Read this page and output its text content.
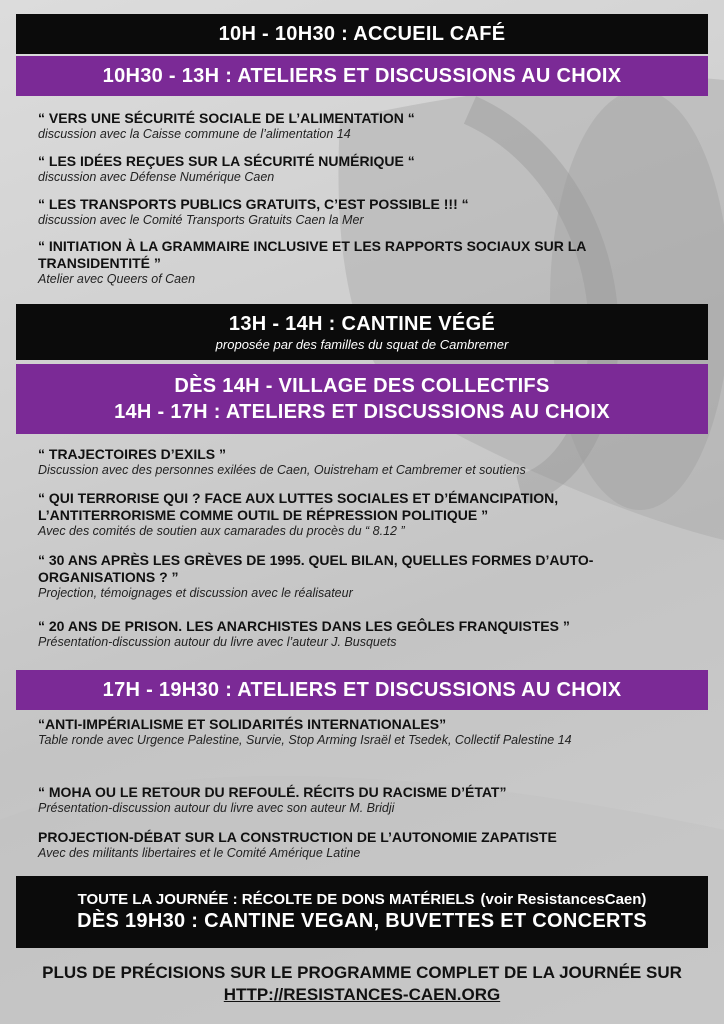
10H - 10H30 : ACCUEIL CAFÉ
10H30 - 13H : ATELIERS ET DISCUSSIONS AU CHOIX
“ VERS UNE SÉCURITÉ SOCIALE DE L’ALIMENTATION “
discussion avec la Caisse commune de l’alimentation 14
“ LES IDÉES REÇUES SUR LA SÉCURITÉ NUMÉRIQUE “
discussion avec Défense Numérique Caen
“ LES TRANSPORTS PUBLICS GRATUITS, C’EST POSSIBLE !!! “
discussion avec le Comité Transports Gratuits Caen la Mer
“ INITIATION À LA GRAMMAIRE INCLUSIVE ET LES RAPPORTS SOCIAUX SUR LA TRANSIDENTITÉ ”
Atelier avec Queers of Caen
13H - 14H : CANTINE VÉGÉ
proposée par des familles du squat de Cambremer
DÈS 14H - VILLAGE DES COLLECTIFS
14H - 17H : ATELIERS ET DISCUSSIONS AU CHOIX
“ TRAJECTOIRES D’EXILS ”
Discussion avec des personnes exilées de Caen, Ouistreham et Cambremer et soutiens
“ QUI TERRORISE QUI ? FACE AUX LUTTES SOCIALES ET D’ÉMANCIPATION, L’ANTITERRORISME COMME OUTIL DE RÉPRESSION POLITIQUE ”
Avec des comités de soutien aux camarades du procès du “ 8.12 ”
“ 30 ANS APRÈS LES GRÈVES DE 1995. QUEL BILAN, QUELLES FORMES D’AUTO-ORGANISATIONS ? ”
Projection, témoignages et discussion avec le réalisateur
“ 20 ANS DE PRISON. LES ANARCHISTES DANS LES GEÔLES FRANQUISTES ”
Présentation-discussion autour du livre avec l’auteur J. Busquets
17H - 19H30 : ATELIERS ET DISCUSSIONS AU CHOIX
“ANTI-IMPÉRIALISME ET SOLIDARITÉS INTERNATIONALES”
Table ronde avec Urgence Palestine, Survie, Stop Arming Israël et Tsedek, Collectif Palestine 14
“ MOHA OU LE RETOUR DU REFOULÉ. RÉCITS DU RACISME D’ÉTAT”
Présentation-discussion autour du livre avec son auteur M. Bridji
PROJECTION-DÉBAT SUR LA CONSTRUCTION DE L’AUTONOMIE ZAPATISTE
Avec des militants libertaires et le Comité Amérique Latine
TOUTE LA JOURNÉE : RÉCOLTE DE DONS MATÉRIELS (voir ResistancesCaen)
DÈS 19H30 : CANTINE VEGAN, BUVETTES ET CONCERTS
PLUS DE PRÉCISIONS SUR LE PROGRAMME COMPLET DE LA JOURNÉE SUR
HTTP://RESISTANCES-CAEN.ORG
